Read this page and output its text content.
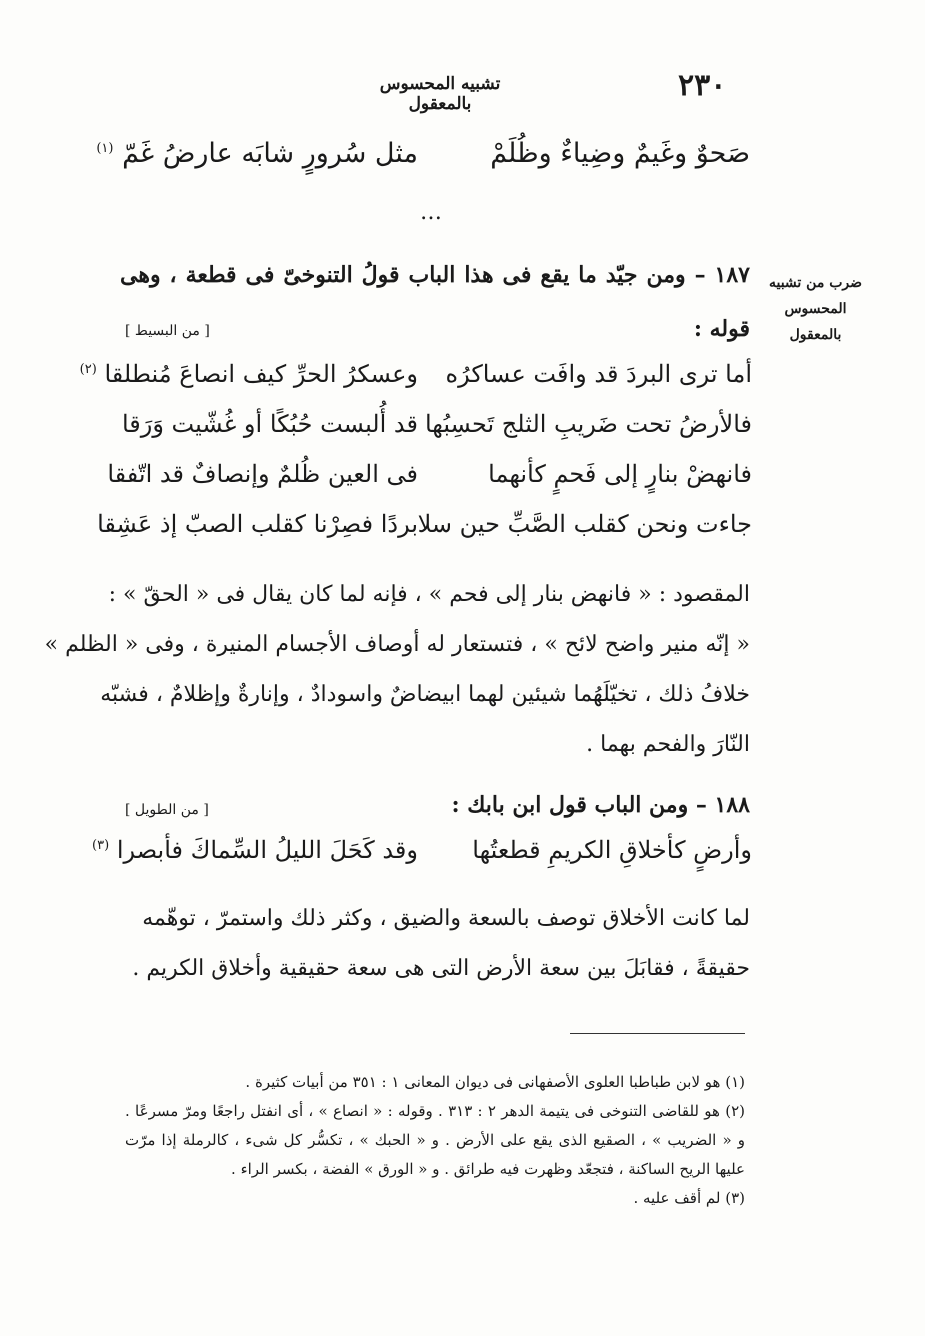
٢٣٠
تشبيه المحسوس بالمعقول
صَحوٌ وغَيمٌ وضِياءٌ وظُلَمْ
مثل سُرورٍ شابَه عارضُ غَمّ $^{(١)}$
…
ضرب من تشبيه المحسوس بالمعقول
١٨٧ – ومن جيّد ما يقع فى هذا الباب قولُ التنوخىّ فى قطعة ، وهى
قوله :
[ من البسيط ]
أما ترى البردَ قد وافَت عساكرُه
وعسكرُ الحرِّ كيف انصاعَ مُنطلقا $^{(٢)}$
فالأرضُ تحت ضَريبِ الثلج تَحسِبُها
قد أُلبست حُبُكًا أو غُشّيت وَرَقا
فانهضْ بنارٍ إلى فَحمٍ كأنهما
فى العين ظُلمٌ وإنصافٌ قد اتّفقا
جاءت ونحن كقلب الصَّبِّ حين سلا
بردًا فصِرْنا كقلب الصبّ إذ عَشِقا
المقصود : « فانهض بنار إلى فحم » ، فإنه لما كان يقال فى « الحقّ » :
« إنّه منير واضح لائح » ، فتستعار له أوصاف الأجسام المنيرة ، وفى « الظلم »
خلافُ ذلك ، تخيّلَهُما شيئين لهما ابيضاضٌ واسودادٌ ، وإنارةٌ وإظلامٌ ، فشبّه
النّارَ والفحم بهما .
١٨٨ – ومن الباب قول ابن بابك :
[ من الطويل ]
وأرضٍ كأخلاقِ الكريمِ قطعتُها
وقد كَحَلَ الليلُ السِّماكَ فأبصرا $^{(٣)}$
لما كانت الأخلاق توصف بالسعة والضيق ، وكثر ذلك واستمرّ ، توهّمه
حقيقةً ، فقابَلَ بين سعة الأرض التى هى سعة حقيقية وأخلاق الكريم .

(١) هو لابن طباطبا العلوى الأصفهانى فى ديوان المعانى ١ : ٣٥١ من أبيات كثيرة .

(٢) هو للقاضى التنوخى فى يتيمة الدهر ٢ : ٣١٣ . وقوله : « انصاع » ، أى انفتل راجعًا ومرّ مسرعًا . و « الضريب » ، الصقيع الذى يقع على الأرض . و « الحبك » ، تكسُّر كل شىء ، كالرملة إذا مرّت عليها الريح الساكنة ، فتجعّد وظهرت فيه طرائق . و « الورق » الفضة ، بكسر الراء .

(٣) لم أقف عليه .
